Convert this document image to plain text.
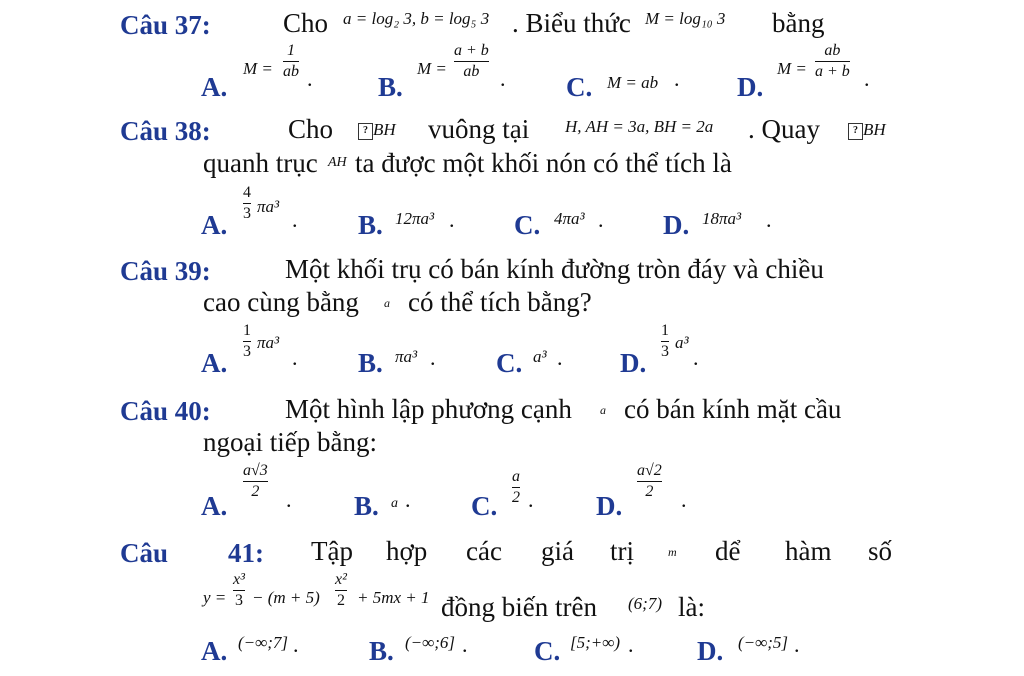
Câu 37:	Cho a = log₂ 3, b = log₅ 3 . Biểu thức M = log₁₀ 3 bằng
A.
M =
1
ab . B.
M =
a + b
ab . C. M = ab . D.
M =
ab
a + b .
Câu 38:	Cho	? BH vuông tại H, AH = 3a, BH = 2a . Quay	? BH
quanh trục AH ta được một khối nón có thể tích là
A.
4
3 πa³
. B. 12πa³ . C. 4πa³ . D. 18πa³ .
Câu 39:	Một khối trụ có bán kính đường tròn đáy và chiều
cao cùng bằng a có thể tích bằng?
A.
1
3 πa³
. B. πa³ . C. a³ . D.
1
3 a³
.
Câu 40:	Một hình lập phương cạnh a có bán kính mặt cầu
ngoại tiếp bằng:
A.
a√3
2 . B. a . C.
a
2 . D.
a√2
2 .
Câu 41: Tập hợp các giá trị	m dể hàm số
y =
x³
3 − (m + 5)
x²
2 + 5mx + 1 đồng biến trên (6;7) là:
A. (−∞;7] .	B. (−∞;6] . C. [5;+∞) . D. (−∞;5] .
